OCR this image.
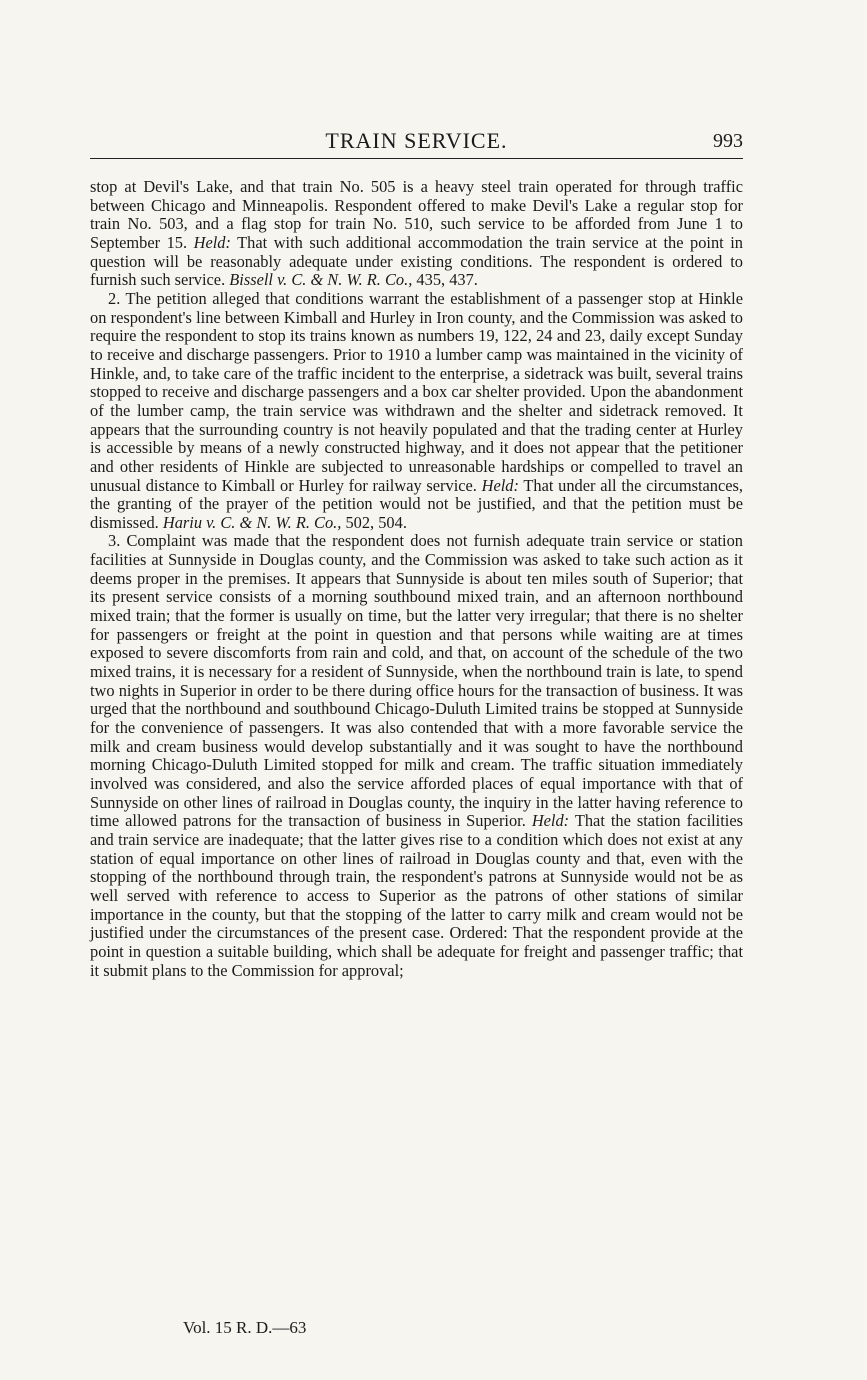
TRAIN SERVICE.	993

stop at Devil's Lake, and that train No. 505 is a heavy steel train operated for through traffic between Chicago and Minneapolis. Respondent offered to make Devil's Lake a regular stop for train No. 503, and a flag stop for train No. 510, such service to be afforded from June 1 to September 15. Held: That with such additional accommodation the train service at the point in question will be reasonably adequate under existing conditions. The respondent is ordered to furnish such service. Bissell v. C. & N. W. R. Co., 435, 437.

2. The petition alleged that conditions warrant the establishment of a passenger stop at Hinkle on respondent's line between Kimball and Hurley in Iron county, and the Commission was asked to require the respondent to stop its trains known as numbers 19, 122, 24 and 23, daily except Sunday to receive and discharge passengers. Prior to 1910 a lumber camp was maintained in the vicinity of Hinkle, and, to take care of the traffic incident to the enterprise, a sidetrack was built, several trains stopped to receive and discharge passengers and a box car shelter provided. Upon the abandonment of the lumber camp, the train service was withdrawn and the shelter and sidetrack removed. It appears that the surrounding country is not heavily populated and that the trading center at Hurley is accessible by means of a newly constructed highway, and it does not appear that the petitioner and other residents of Hinkle are subjected to unreasonable hardships or compelled to travel an unusual distance to Kimball or Hurley for railway service. Held: That under all the circumstances, the granting of the prayer of the petition would not be justified, and that the petition must be dismissed. Hariu v. C. & N. W. R. Co., 502, 504.

3. Complaint was made that the respondent does not furnish adequate train service or station facilities at Sunnyside in Douglas county, and the Commission was asked to take such action as it deems proper in the premises. It appears that Sunnyside is about ten miles south of Superior; that its present service consists of a morning southbound mixed train, and an afternoon northbound mixed train; that the former is usually on time, but the latter very irregular; that there is no shelter for passengers or freight at the point in question and that persons while waiting are at times exposed to severe discomforts from rain and cold, and that, on account of the schedule of the two mixed trains, it is necessary for a resident of Sunnyside, when the northbound train is late, to spend two nights in Superior in order to be there during office hours for the transaction of business. It was urged that the northbound and southbound Chicago-Duluth Limited trains be stopped at Sunnyside for the convenience of passengers. It was also contended that with a more favorable service the milk and cream business would develop substantially and it was sought to have the northbound morning Chicago-Duluth Limited stopped for milk and cream. The traffic situation immediately involved was considered, and also the service afforded places of equal importance with that of Sunnyside on other lines of railroad in Douglas county, the inquiry in the latter having reference to time allowed patrons for the transaction of business in Superior. Held: That the station facilities and train service are inadequate; that the latter gives rise to a condition which does not exist at any station of equal importance on other lines of railroad in Douglas county and that, even with the stopping of the northbound through train, the respondent's patrons at Sunnyside would not be as well served with reference to access to Superior as the patrons of other stations of similar importance in the county, but that the stopping of the latter to carry milk and cream would not be justified under the circumstances of the present case. Ordered: That the respondent provide at the point in question a suitable building, which shall be adequate for freight and passenger traffic; that it submit plans to the Commission for approval;

Vol. 15 R. D.—63
